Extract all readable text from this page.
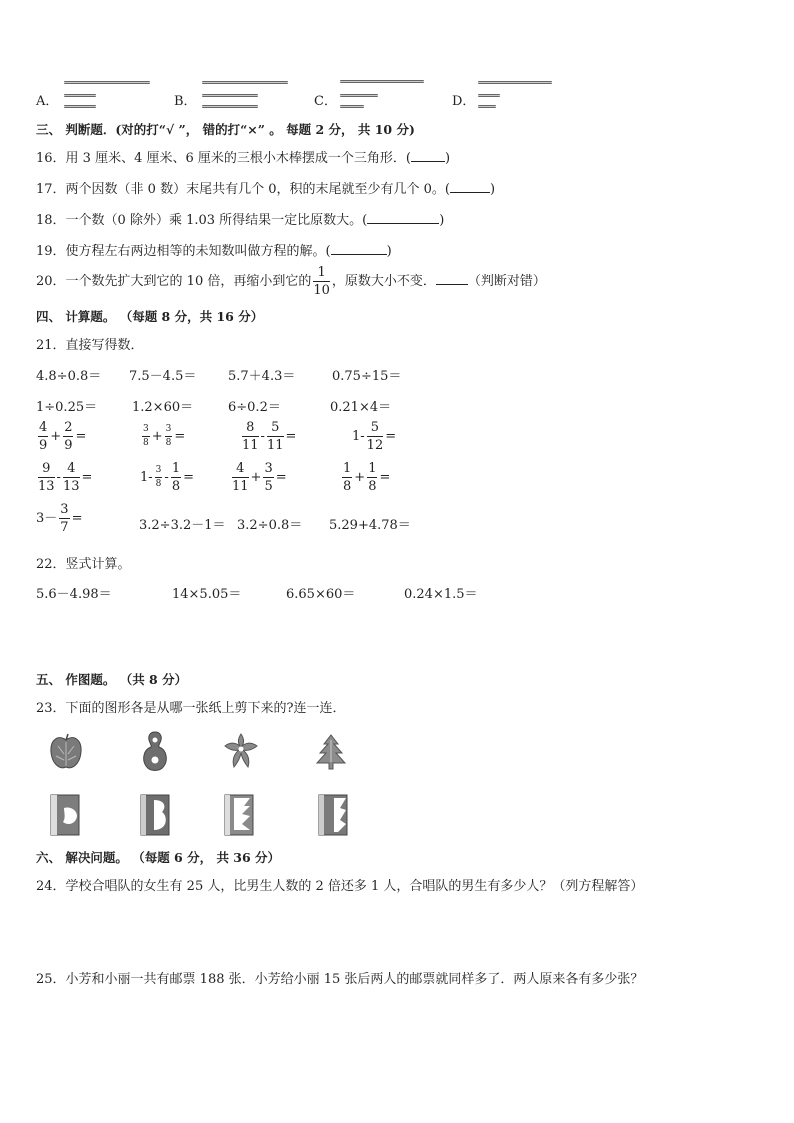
A．	B．	C．	D．
三、 判断题．(对的打“√ ”， 错的打“×” 。 每题 2 分， 共 10 分)
16．用 3 厘米、4 厘米、6 厘米的三根小木棒摆成一个三角形．(	)
17．两个因数（非 0 数）末尾共有几个 0，积的末尾就至少有几个 0。(	)
18．一个数（0 除外）乘 1.03 所得结果一定比原数大。(	)
19．使方程左右两边相等的未知数叫做方程的解。(	)
20．一个数先扩大到它的 10 倍，再缩小到它的 $\frac{1}{10}$ ，原数大小不变． （判断对错）
四、 计算题。 （每题 8 分，共 16 分）
21．直接写得数．
4.8÷0.8＝ 7.5－4.5＝ 5.7＋4.3＝	0.75÷15＝
1÷0.25＝	1.2×60＝	6÷0.2＝	0.21×4＝
$\frac{4}{9} + \frac{2}{9}$ =	$\frac{3}{8} + \frac{3}{8}$ =	$\frac{8}{11} - \frac{5}{11}$ =	$1- \frac{5}{12}$ =
$\frac{9}{13} - \frac{4}{13}$ =	$1- \frac{3}{8} - \frac{1}{8}$ =	$\frac{4}{11} + \frac{3}{5}$ =	$\frac{1}{8} + \frac{1}{8}$ =
$3- \frac{3}{7}$ =	3.2÷3.2－1＝ 3.2÷0.8＝ 5.29+4.78＝
22．竖式计算。
5.6－4.98＝	14×5.05＝	6.65×60＝	0.24×1.5＝
五、 作图题。 （共 8 分）
23．下面的图形各是从哪一张纸上剪下来的?连一连．
六、 解决问题。 （每题 6 分， 共 36 分）
24．学校合唱队的女生有 25 人，比男生人数的 2 倍还多 1 人，合唱队的男生有多少人？（列方程解答）
25．小芳和小丽一共有邮票 188 张．小芳给小丽 15 张后两人的邮票就同样多了．两人原来各有多少张？
